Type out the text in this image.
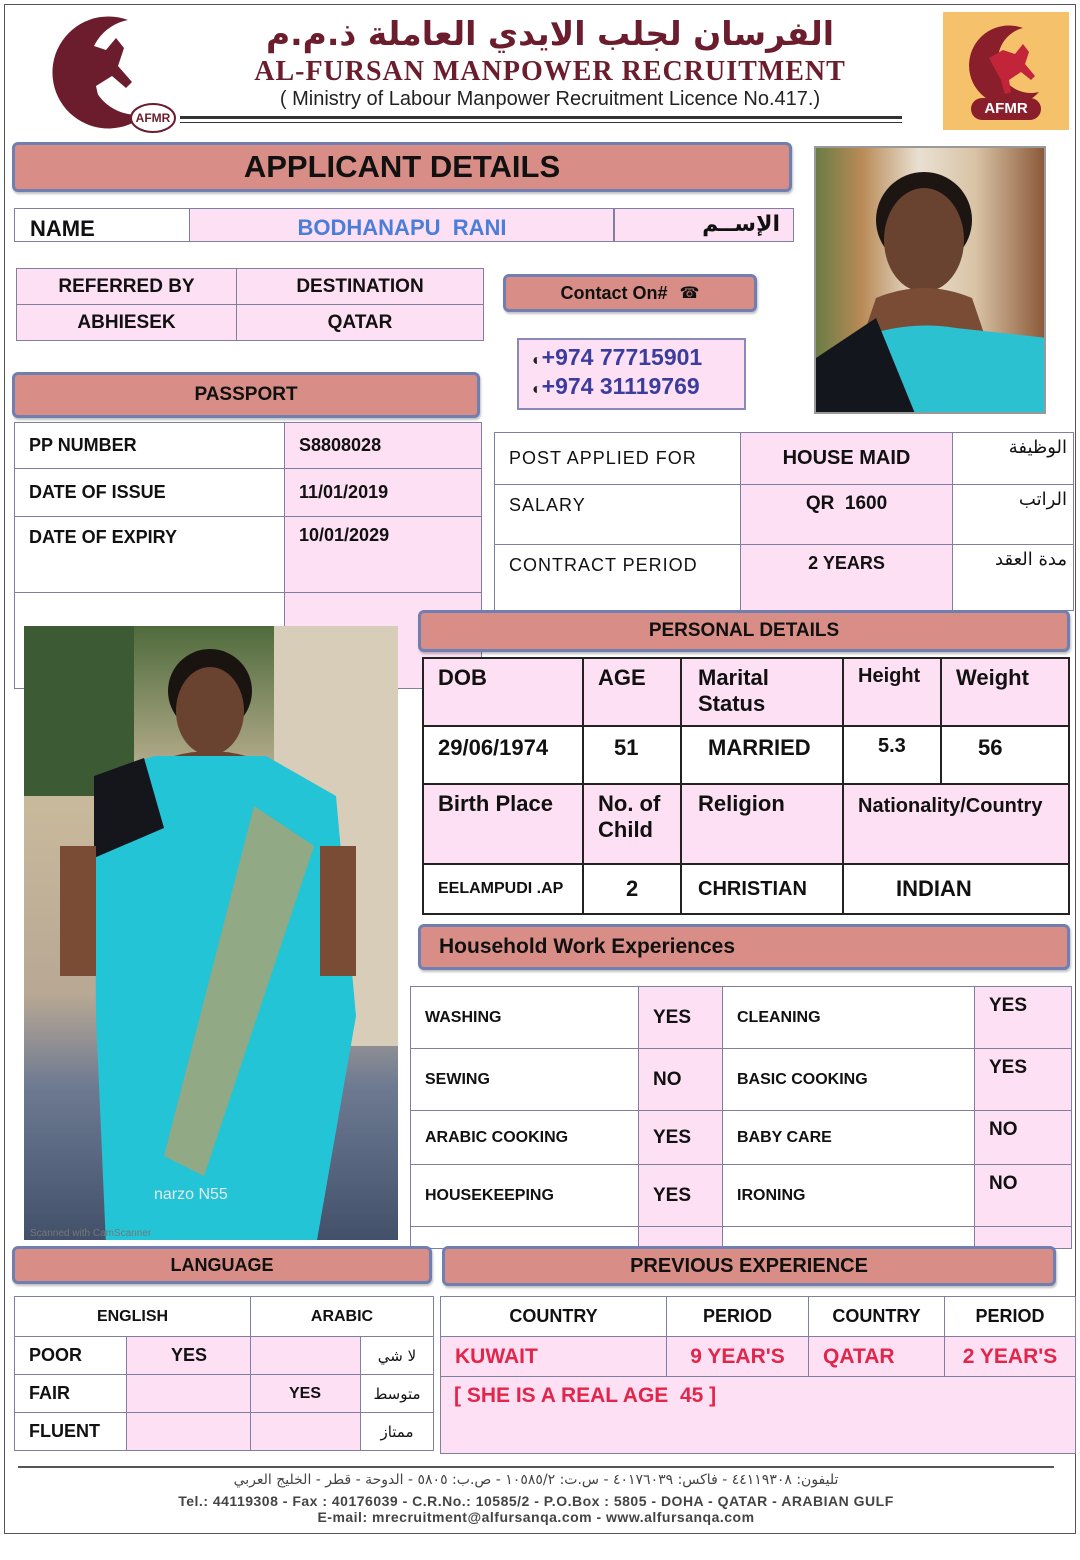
AFMR
الفرسان لجلب الايدي العاملة ذ.م.م
AL-FURSAN MANPOWER RECRUITMENT
( Ministry of Labour Manpower Recruitment Licence No.417.)	AFMR
APPLICANT DETAILS
NAME	BODHANAPU  RANI	الإســم
REFERRED BY	DESTINATION
ABHIESEK	QATAR
Contact On# ☎
◐+974 77715901
◐+974 31119769
PASSPORT
PP NUMBER	S8808028
DATE OF ISSUE	11/01/2019
DATE OF EXPIRY	10/01/2029

POST APPLIED FOR	HOUSE MAID	الوظيفة
SALARY	QR  1600	الراتب
CONTRACT PERIOD	2 YEARS	مدة العقد
narzo N55
Scanned with CamScanner
PERSONAL DETAILS
DOB	AGE	Marital Status	Height	Weight
29/06/1974	51	MARRIED	5.3	56
Birth Place	No. of Child	Religion	Nationality/Country	
EELAMPUDI .AP	2	CHRISTIAN	INDIAN	
Household Work Experiences
WASHING	YES	CLEANING	YES
SEWING	NO	BASIC COOKING	YES
ARABIC COOKING	YES	BABY CARE	NO
HOUSEKEEPING	YES	IRONING	NO

LANGUAGE
ENGLISH		ARABIC	
POOR	YES		لا شي
FAIR		YES	متوسط
FLUENT			ممتاز
PREVIOUS EXPERIENCE
COUNTRY	PERIOD	COUNTRY	PERIOD
KUWAIT	9 YEAR'S	QATAR	2 YEAR'S
[ SHE IS A REAL AGE  45 ]
تليفون: ٤٤١١٩٣٠٨ - فاكس: ٤٠١٧٦٠٣٩ - س.ت: ١٠٥٨٥/٢ - ص.ب: ٥٨٠٥ - الدوحة - قطر - الخليج العربي
Tel.: 44119308 - Fax : 40176039 - C.R.No.: 10585/2 - P.O.Box : 5805 - DOHA - QATAR - ARABIAN GULF
E-mail: mrecruitment@alfursanqa.com - www.alfursanqa.com
